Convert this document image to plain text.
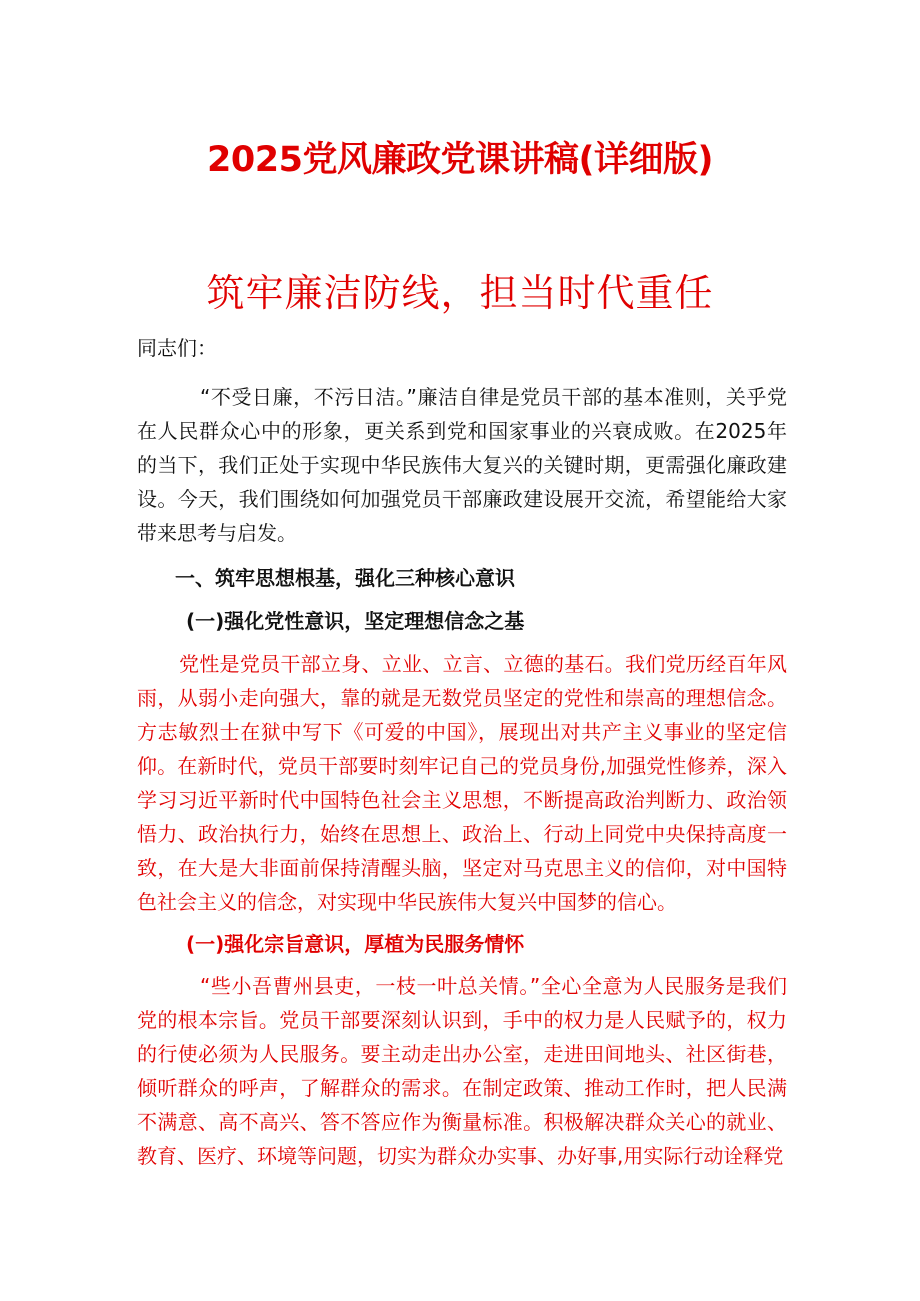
2025党风廉政党课讲稿(详细版)
筑牢廉洁防线，担当时代重任

同志们：

“不受日廉，不污日洁。”廉洁自律是党员干部的基本准则，关乎党在人民群众心中的形象，更关系到党和国家事业的兴衰成败。在2025年的当下，我们正处于实现中华民族伟大复兴的关键时期，更需强化廉政建设。今天，我们围绕如何加强党员干部廉政建设展开交流，希望能给大家带来思考与启发。

一、筑牢思想根基，强化三种核心意识
(一)强化党性意识，坚定理想信念之基

党性是党员干部立身、立业、立言、立德的基石。我们党历经百年风雨，从弱小走向强大，靠的就是无数党员坚定的党性和崇高的理想信念。方志敏烈士在狱中写下《可爱的中国》，展现出对共产主义事业的坚定信仰。在新时代，党员干部要时刻牢记自己的党员身份,加强党性修养，深入学习习近平新时代中国特色社会主义思想，不断提高政治判断力、政治领悟力、政治执行力，始终在思想上、政治上、行动上同党中央保持高度一致，在大是大非面前保持清醒头脑，坚定对马克思主义的信仰，对中国特色社会主义的信念，对实现中华民族伟大复兴中国梦的信心。

(一)强化宗旨意识，厚植为民服务情怀

“些小吾曹州县吏，一枝一叶总关情。”全心全意为人民服务是我们党的根本宗旨。党员干部要深刻认识到，手中的权力是人民赋予的，权力的行使必须为人民服务。要主动走出办公室，走进田间地头、社区街巷，倾听群众的呼声，了解群众的需求。在制定政策、推动工作时，把人民满不满意、高不高兴、答不答应作为衡量标准。积极解决群众关心的就业、教育、医疗、环境等问题，切实为群众办实事、办好事,用实际行动诠释党
